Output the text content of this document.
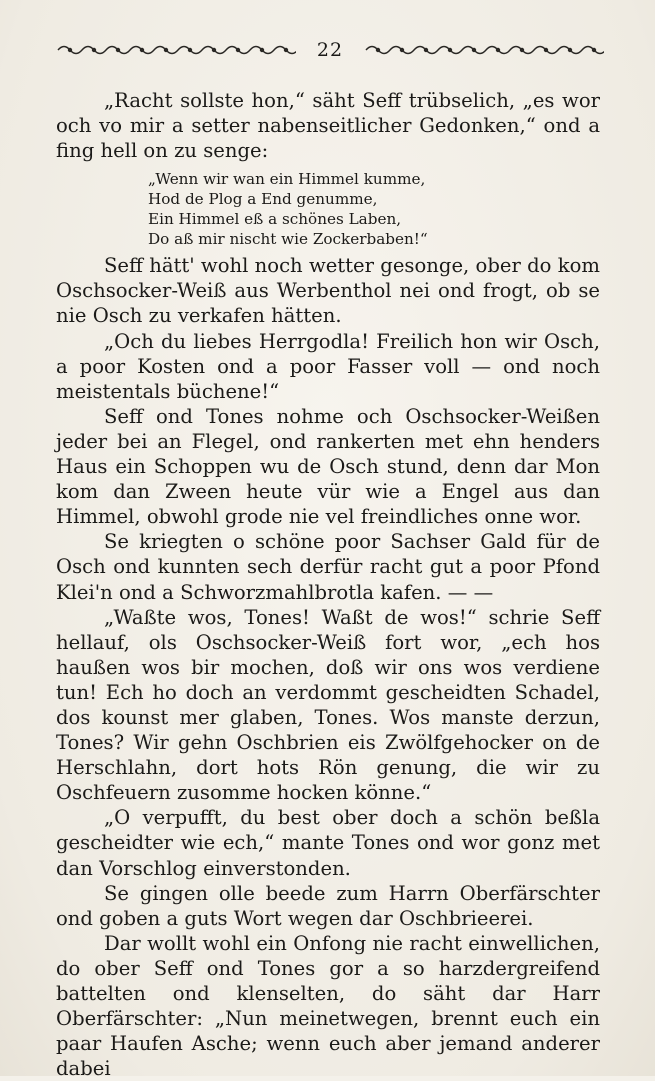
22

„Racht sollste hon,“ säht Seff trübselich, „es wor och vo mir a setter nabenseitlicher Gedonken,“ ond a fing hell on zu senge:

„Wenn wir wan ein Himmel kumme,
Hod de Plog a End genumme,
Ein Himmel eß a schönes Laben,
Do aß mir nischt wie Zockerbaben!“

Seff hätt' wohl noch wetter gesonge, ober do kom Oschsocker-Weiß aus Werbenthol nei ond frogt, ob se nie Osch zu verkafen hätten.

„Och du liebes Herrgodla! Freilich hon wir Osch, a poor Kosten ond a poor Fasser voll — ond noch meistentals büchene!“

Seff ond Tones nohme och Oschsocker-Weißen jeder bei an Flegel, ond rankerten met ehn henders Haus ein Schoppen wu de Osch stund, denn dar Mon kom dan Zween heute vür wie a Engel aus dan Himmel, obwohl grode nie vel freindliches onne wor.

Se kriegten o schöne poor Sachser Gald für de Osch ond kunnten sech derfür racht gut a poor Pfond Klei'n ond a Schworzmahlbrotla kafen. — —

„Waßte wos, Tones! Waßt de wos!“ schrie Seff hellauf, ols Oschsocker-Weiß fort wor, „ech hos haußen wos bir mochen, doß wir ons wos verdiene tun! Ech ho doch an verdommt gescheidten Schadel, dos kounst mer glaben, Tones. Wos manste derzun, Tones? Wir gehn Oschbrien eis Zwölfgehocker on de Herschlahn, dort hots Rön genung, die wir zu Oschfeuern zusomme hocken könne.“

„O verpufft, du best ober doch a schön beßla gescheidter wie ech,“ mante Tones ond wor gonz met dan Vorschlog einverstonden.

Se gingen olle beede zum Harrn Oberfärschter ond goben a guts Wort wegen dar Oschbrieerei.

Dar wollt wohl ein Onfong nie racht einwellichen, do ober Seff ond Tones gor a so harzdergreifend battelten ond klenselten, do säht dar Harr Oberfärschter: „Nun meinetwegen, brennt euch ein paar Haufen Asche; wenn euch aber jemand anderer dabei
